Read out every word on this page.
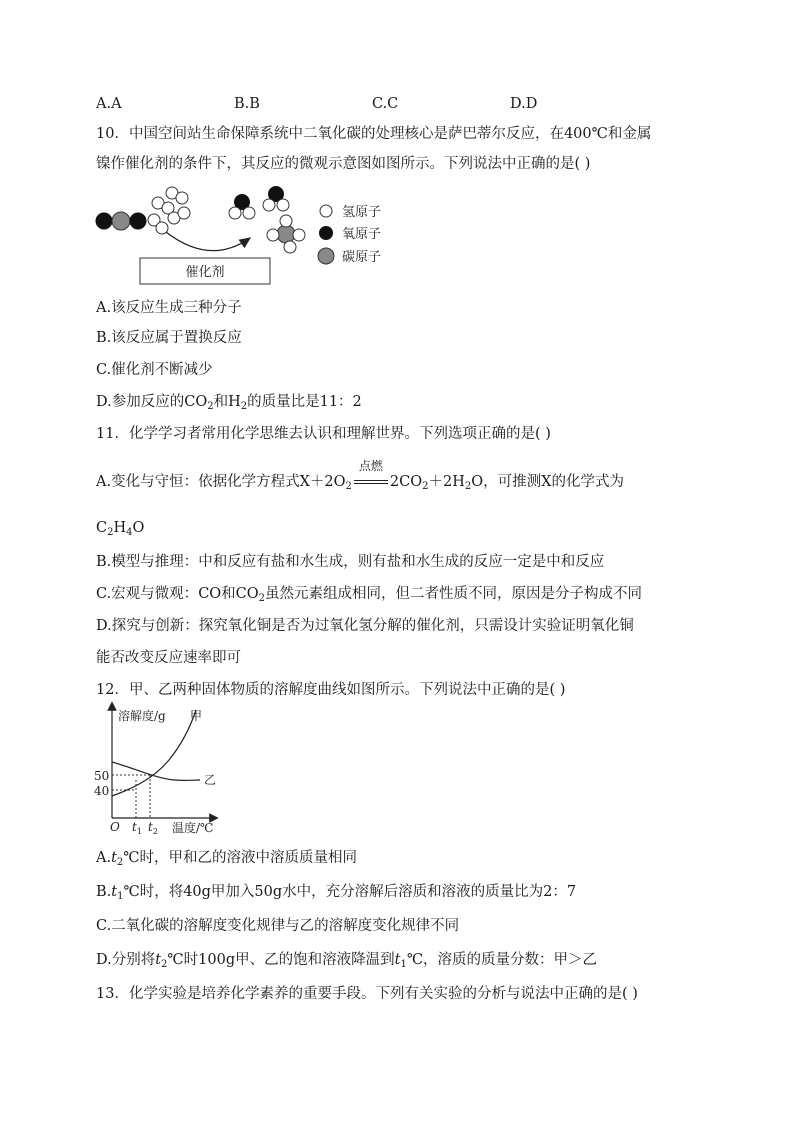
A.A	B.B	C.C	D.D
10．中国空间站生命保障系统中二氧化碳的处理核心是萨巴蒂尔反应，在400℃和金属
镍作催化剂的条件下，其反应的微观示意图如图所示。下列说法中正确的是( )
催化剂
氢原子
氧原子
碳原子
A.该反应生成三种分子
B.该反应属于置换反应
C.催化剂不断减少
D.参加反应的$CO_2$和$H_2$的质量比是11：2
11．化学学习者常用化学思维去认识和理解世界。下列选项正确的是( )
A.变化与守恒：依据化学方程式$X+2O_2$
点燃
$2CO_2+2H_2O$，可推测X的化学式为
$C_2H_4O$
B.模型与推理：中和反应有盐和水生成，则有盐和水生成的反应一定是中和反应
C.宏观与微观：CO和$CO_2$虽然元素组成相同，但二者性质不同，原因是分子构成不同
D.探究与创新：探究氧化铜是否为过氧化氢分解的催化剂，只需设计实验证明氧化铜
能否改变反应速率即可
12．甲、乙两种固体物质的溶解度曲线如图所示。下列说法中正确的是( )
溶解度/g
温度/℃
O
50
40
$t_1$ $t_2$
甲
乙
$A.t_2℃$时，甲和乙的溶液中溶质质量相同
$B.t_1℃$时，将40g甲加入50g水中，充分溶解后溶质和溶液的质量比为2：7
C.二氧化碳的溶解度变化规律与乙的溶解度变化规律不同
D.分别将$t_2℃$时100g甲、乙的饱和溶液降温到$t_1℃$，溶质的质量分数：甲＞乙
13．化学实验是培养化学素养的重要手段。下列有关实验的分析与说法中正确的是( )
